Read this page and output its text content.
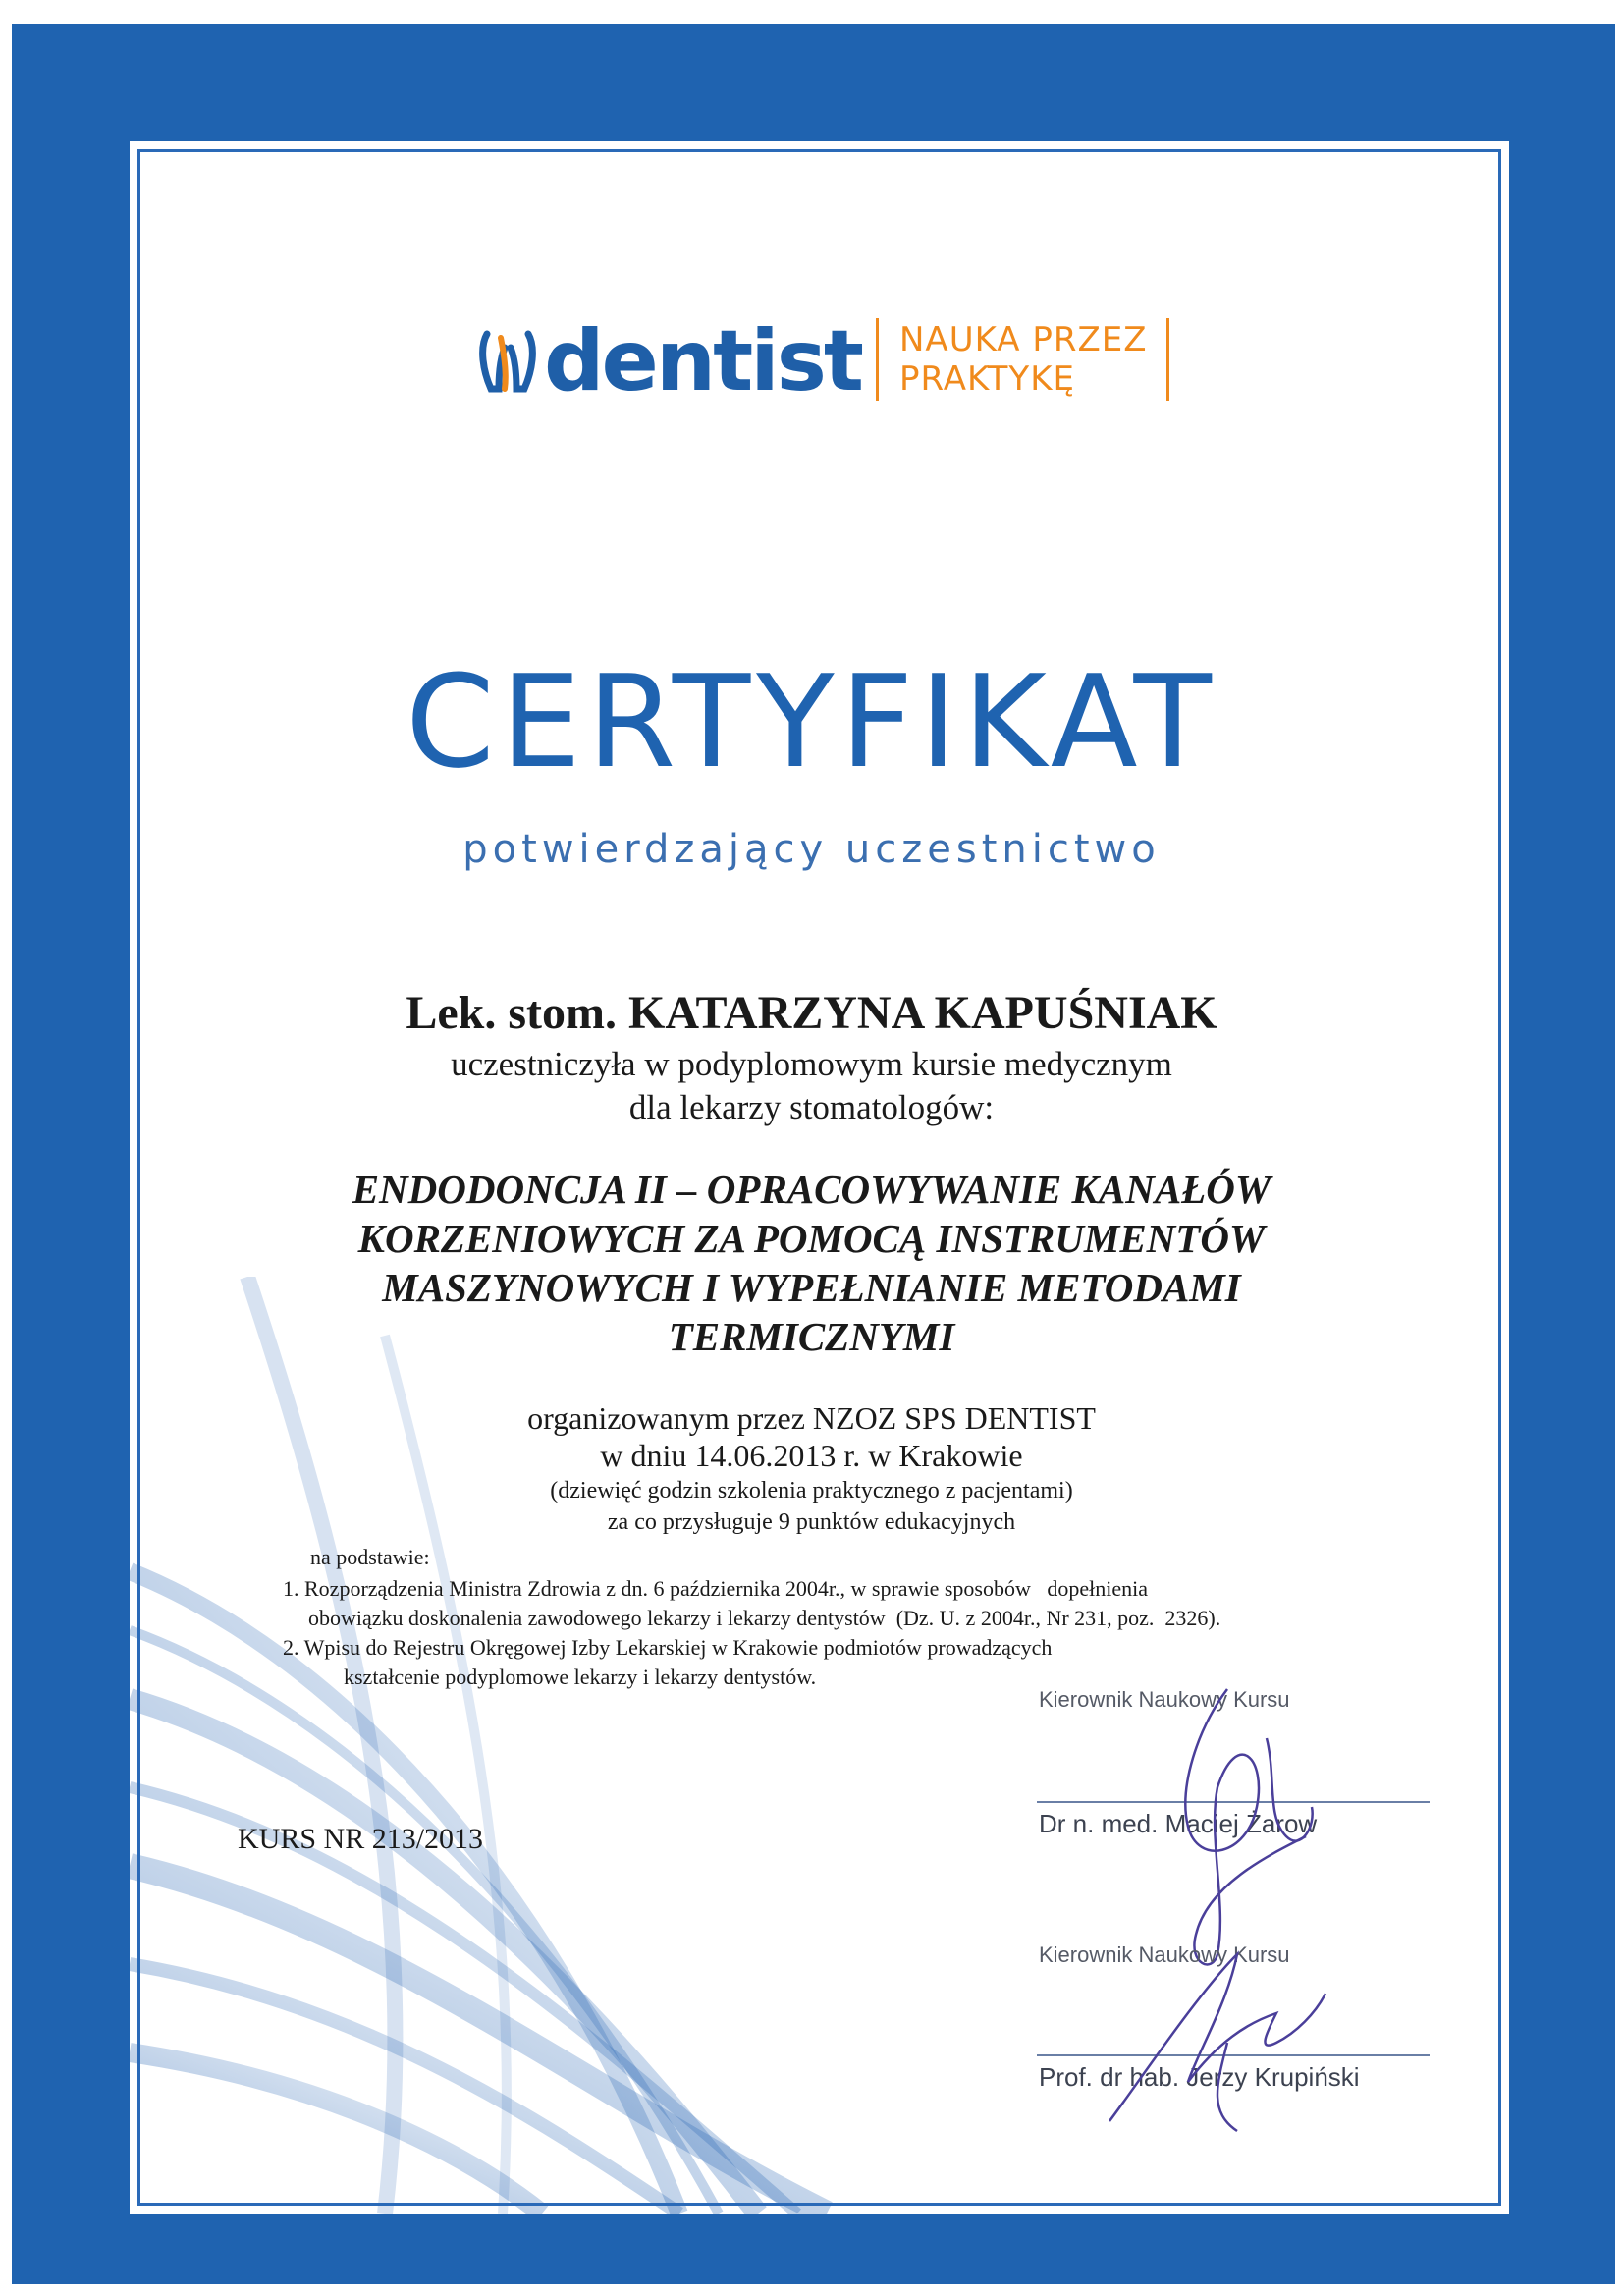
dentist NAUKA PRZEZ
PRAKTYKĘ
CERTYFIKAT
potwierdzający uczestnictwo
Lek. stom. KATARZYNA KAPUŚNIAK
uczestniczyła w podyplomowym kursie medycznym
dla lekarzy stomatologów:
ENDODONCJA II – OPRACOWYWANIE KANAŁÓW
KORZENIOWYCH ZA POMOCĄ INSTRUMENTÓW
MASZYNOWYCH I WYPEŁNIANIE METODAMI
TERMICZNYMI
organizowanym przez NZOZ SPS DENTIST
w dniu 14.06.2013 r. w Krakowie
(dziewięć godzin szkolenia praktycznego z pacjentami)
za co przysługuje 9 punktów edukacyjnych
na podstawie:
1. Rozporządzenia Ministra Zdrowia z dn. 6 października 2004r., w sprawie sposobów   dopełnienia
obowiązku doskonalenia zawodowego lekarzy i lekarzy dentystów  (Dz. U. z 2004r., Nr 231, poz.  2326).
2. Wpisu do Rejestru Okręgowej Izby Lekarskiej w Krakowie podmiotów prowadzących
kształcenie podyplomowe lekarzy i lekarzy dentystów.
KURS NR 213/2013
Kierownik Naukowy Kursu
Dr n. med. Maciej Żarow
Kierownik Naukowy Kursu
Prof. dr hab. Jerzy Krupiński
